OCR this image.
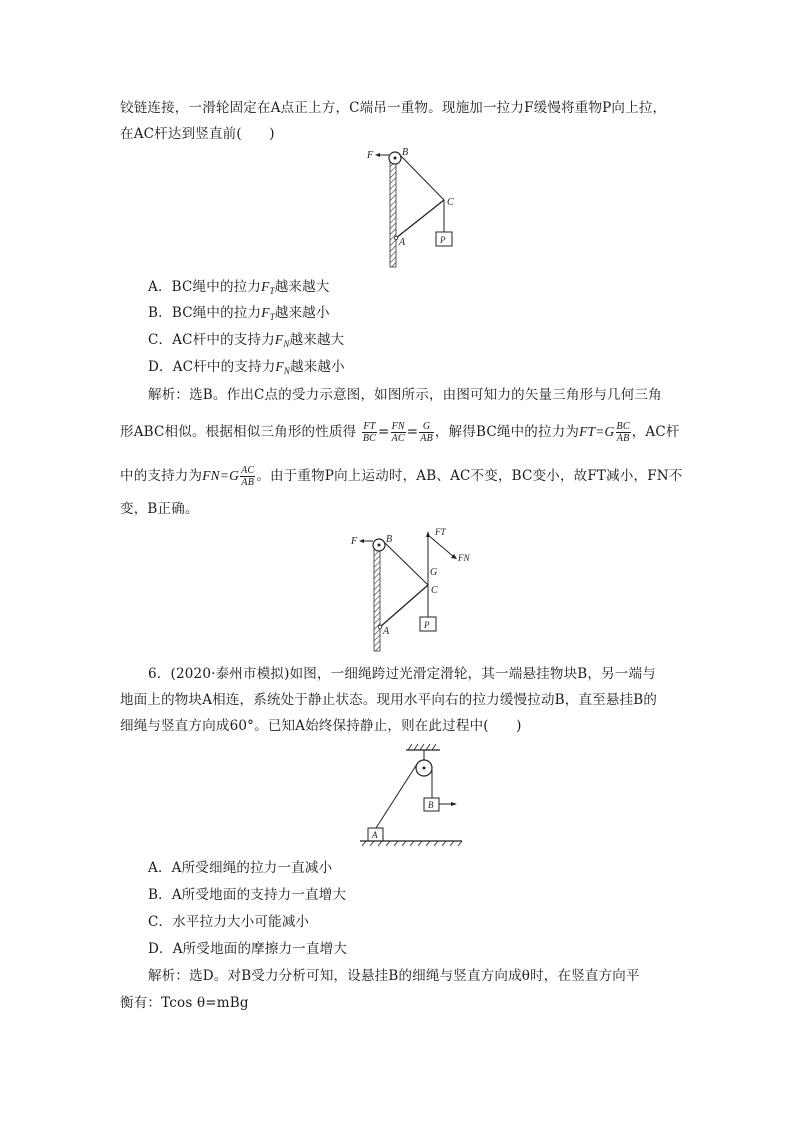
铰链连接，一滑轮固定在A点正上方，C端吊一重物。现施加一拉力F缓慢将重物P向上拉，
在AC杆达到竖直前(　　)
F	B
C
A	P
A．BC绳中的拉力$F_T$越来越大
B．BC绳中的拉力$F_T$越来越小
C．AC杆中的支持力$F_N$越来越大
D．AC杆中的支持力$F_N$越来越小
解析：选B。作出C点的受力示意图，如图所示，由图可知力的矢量三角形与几何三角
形ABC相似。根据相似三角形的性质得 $\frac{FT}{BC} = \frac{FN}{AC} = \frac{G}{AB}$ ，解得BC绳中的拉力为$FT=G \frac{BC}{AB}$ ，AC杆
中的支持力为$FN=G \frac{AC}{AB}$ 。由于重物P向上运动时，AB、AC不变，BC变小，故FT减小，FN不
变，B正确。
F	B
FT
FN
G
C
A
P
6．(2020·泰州市模拟)如图，一细绳跨过光滑定滑轮，其一端悬挂物块B，另一端与
地面上的物块A相连，系统处于静止状态。现用水平向右的拉力缓慢拉动B，直至悬挂B的
细绳与竖直方向成60°。已知A始终保持静止，则在此过程中(　　)
B
A
A．A所受细绳的拉力一直减小
B．A所受地面的支持力一直增大
C．水平拉力大小可能减小
D．A所受地面的摩擦力一直增大
解析：选D。对B受力分析可知，设悬挂B的细绳与竖直方向成θ时，在竖直方向平
衡有：Tcos θ=mBg
